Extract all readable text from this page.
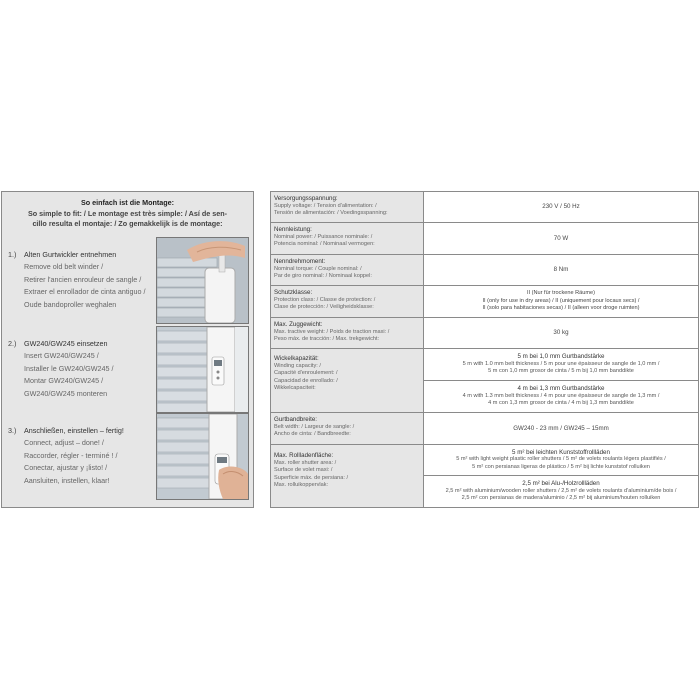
So einfach ist die Montage:
So simple to fit: / Le montage est très simple: / Así de sen-
cillo resulta el montaje: / Zo gemakkelijk is de montage:
1.) Alten Gurtwickler entnehmen
Remove old belt winder /
Retirer l'ancien enrouleur de sangle /
Extraer el enrollador de cinta antiguo /
Oude bandoproller weghalen
2.) GW240/GW245 einsetzen
Insert GW240/GW245 /
Installer le GW240/GW245 /
Montar GW240/GW245 /
GW240/GW245 monteren
3.) Anschließen, einstellen – fertig!
Connect, adjust – done! /
Raccorder, régler - terminé ! /
Conectar, ajustar y ¡listo! /
Aansluiten, instellen, klaar!
Versorgungsspannung:
Supply voltage: / Tension d'alimentation: /
Tensión de alimentación: / Voedingsspanning:
230 V / 50 Hz
Nennleistung:
Nominal power: / Puissance nominale: /
Potencia nominal: / Nominaal vermogen:
70 W
Nenndrehmoment:
Nominal torque: / Couple nominal: /
Par de giro nominal: / Nominaal koppel:
8 Nm
Schutzklasse:
Protection class: / Classe de protection: /
Clase de protección: / Veiligheidsklasse:
II (Nur für trockene Räume)
II (only for use in dry areas) / II (uniquement pour locaux secs) /
II (solo para habitaciones secas) / II (alleen voor droge ruimten)
Max. Zuggewicht:
Max. tractive weight: / Poids de traction maxi: /
Peso máx. de tracción: / Max. trekgewicht:
30 kg
Wickelkapazität:
Winding capacity: /
Capacité d'enroulement: /
Capacidad de enrollado: /
Wikkelcapaciteit:
5 m bei 1,0 mm Gurtbandstärke
5 m with 1.0 mm belt thickness / 5 m pour une épaisseur de sangle de 1,0 mm /
5 m con 1,0 mm grosor de cinta / 5 m bij 1,0 mm banddikte
4 m bei 1,3 mm Gurtbandstärke
4 m with 1.3 mm belt thickness / 4 m pour une épaisseur de sangle de 1,3 mm /
4 m con 1,3 mm grosor de cinta / 4 m bij 1,3 mm banddikte
Gurtbandbreite:
Belt width: / Largeur de sangle: /
Ancho de cinta: / Bandbreedte:
GW240 - 23 mm / GW245 – 15mm
Max. Rollladenfläche:
Max. roller shutter area: /
Surface de volet maxi: /
Superficie máx. de persiana: /
Max. rolluikoppervlak:
5 m² bei leichten Kunststoffrollläden
5 m² with light weight plastic roller shutters / 5 m² de volets roulants légers plastifiés /
5 m² con persianas ligeras de plástico / 5 m² bij lichte kunststof rolluiken
2,5 m² bei Alu-/Holzrollläden
2,5 m² with aluminium/wooden roller shutters / 2,5 m² de volets roulants d'aluminium/de bois /
2,5 m² con persianas de madera/aluminio / 2,5 m² bij aluminium/houten rolluiken
